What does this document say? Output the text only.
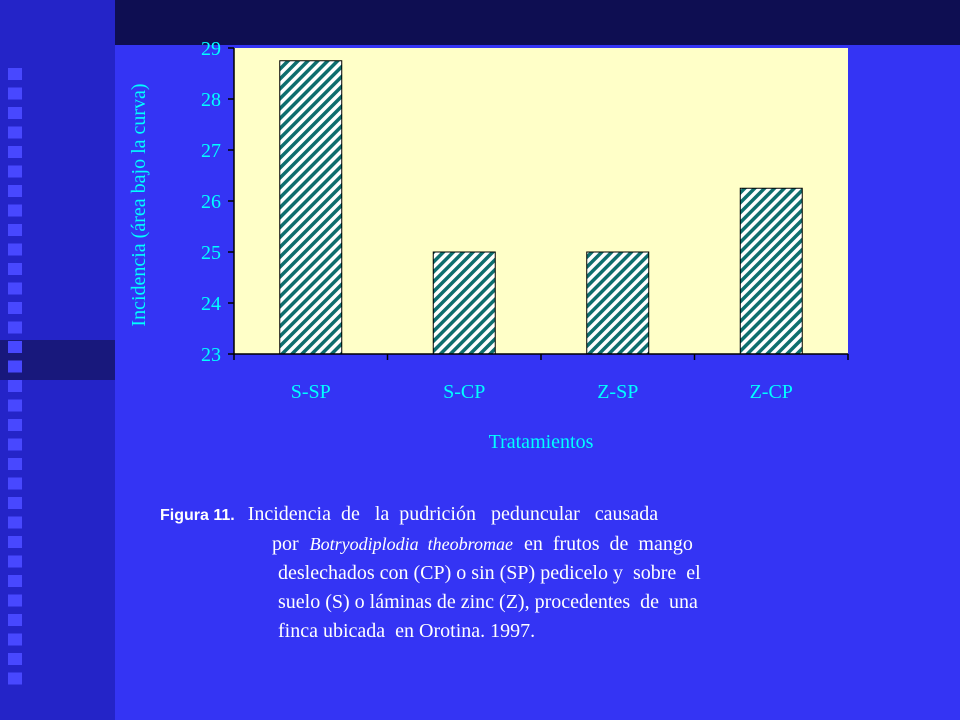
23
24
25
26
27
28
29
S-SP	S-CP	Z-SP	Z-CP
Incidencia (área bajo la curva)
Tratamientos
Figura 11. Incidencia  de   la  pudrición   peduncular   causada
por Botryodiplodia  theobromae en  frutos  de  mango
deslechados con (CP) o sin (SP) pedicelo y  sobre  el
suelo (S) o láminas de zinc (Z), procedentes  de  una
finca ubicada  en Orotina. 1997.
